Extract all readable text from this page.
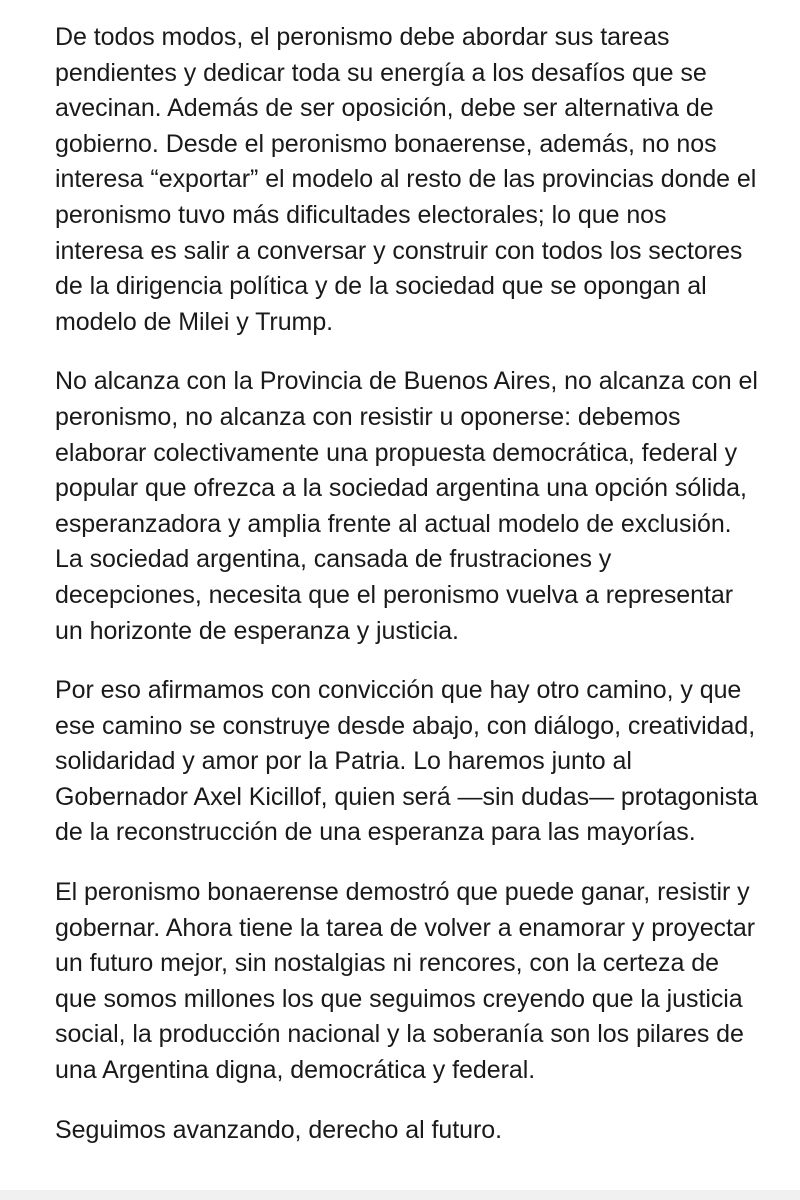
De todos modos, el peronismo debe abordar sus tareas pendientes y dedicar toda su energía a los desafíos que se avecinan. Además de ser oposición, debe ser alternativa de gobierno. Desde el peronismo bonaerense, además, no nos interesa “exportar” el modelo al resto de las provincias donde el peronismo tuvo más dificultades electorales; lo que nos interesa es salir a conversar y construir con todos los sectores de la dirigencia política y de la sociedad que se opongan al modelo de Milei y Trump.

No alcanza con la Provincia de Buenos Aires, no alcanza con el peronismo, no alcanza con resistir u oponerse: debemos elaborar colectivamente una propuesta democrática, federal y popular que ofrezca a la sociedad argentina una opción sólida, esperanzadora y amplia frente al actual modelo de exclusión. La sociedad argentina, cansada de frustraciones y decepciones, necesita que el peronismo vuelva a representar un horizonte de esperanza y justicia.

Por eso afirmamos con convicción que hay otro camino, y que ese camino se construye desde abajo, con diálogo, creatividad, solidaridad y amor por la Patria. Lo haremos junto al Gobernador Axel Kicillof, quien será —sin dudas— protagonista de la reconstrucción de una esperanza para las mayorías.

El peronismo bonaerense demostró que puede ganar, resistir y gobernar. Ahora tiene la tarea de volver a enamorar y proyectar un futuro mejor, sin nostalgias ni rencores, con la certeza de que somos millones los que seguimos creyendo que la justicia social, la producción nacional y la soberanía son los pilares de una Argentina digna, democrática y federal.

Seguimos avanzando, derecho al futuro.
